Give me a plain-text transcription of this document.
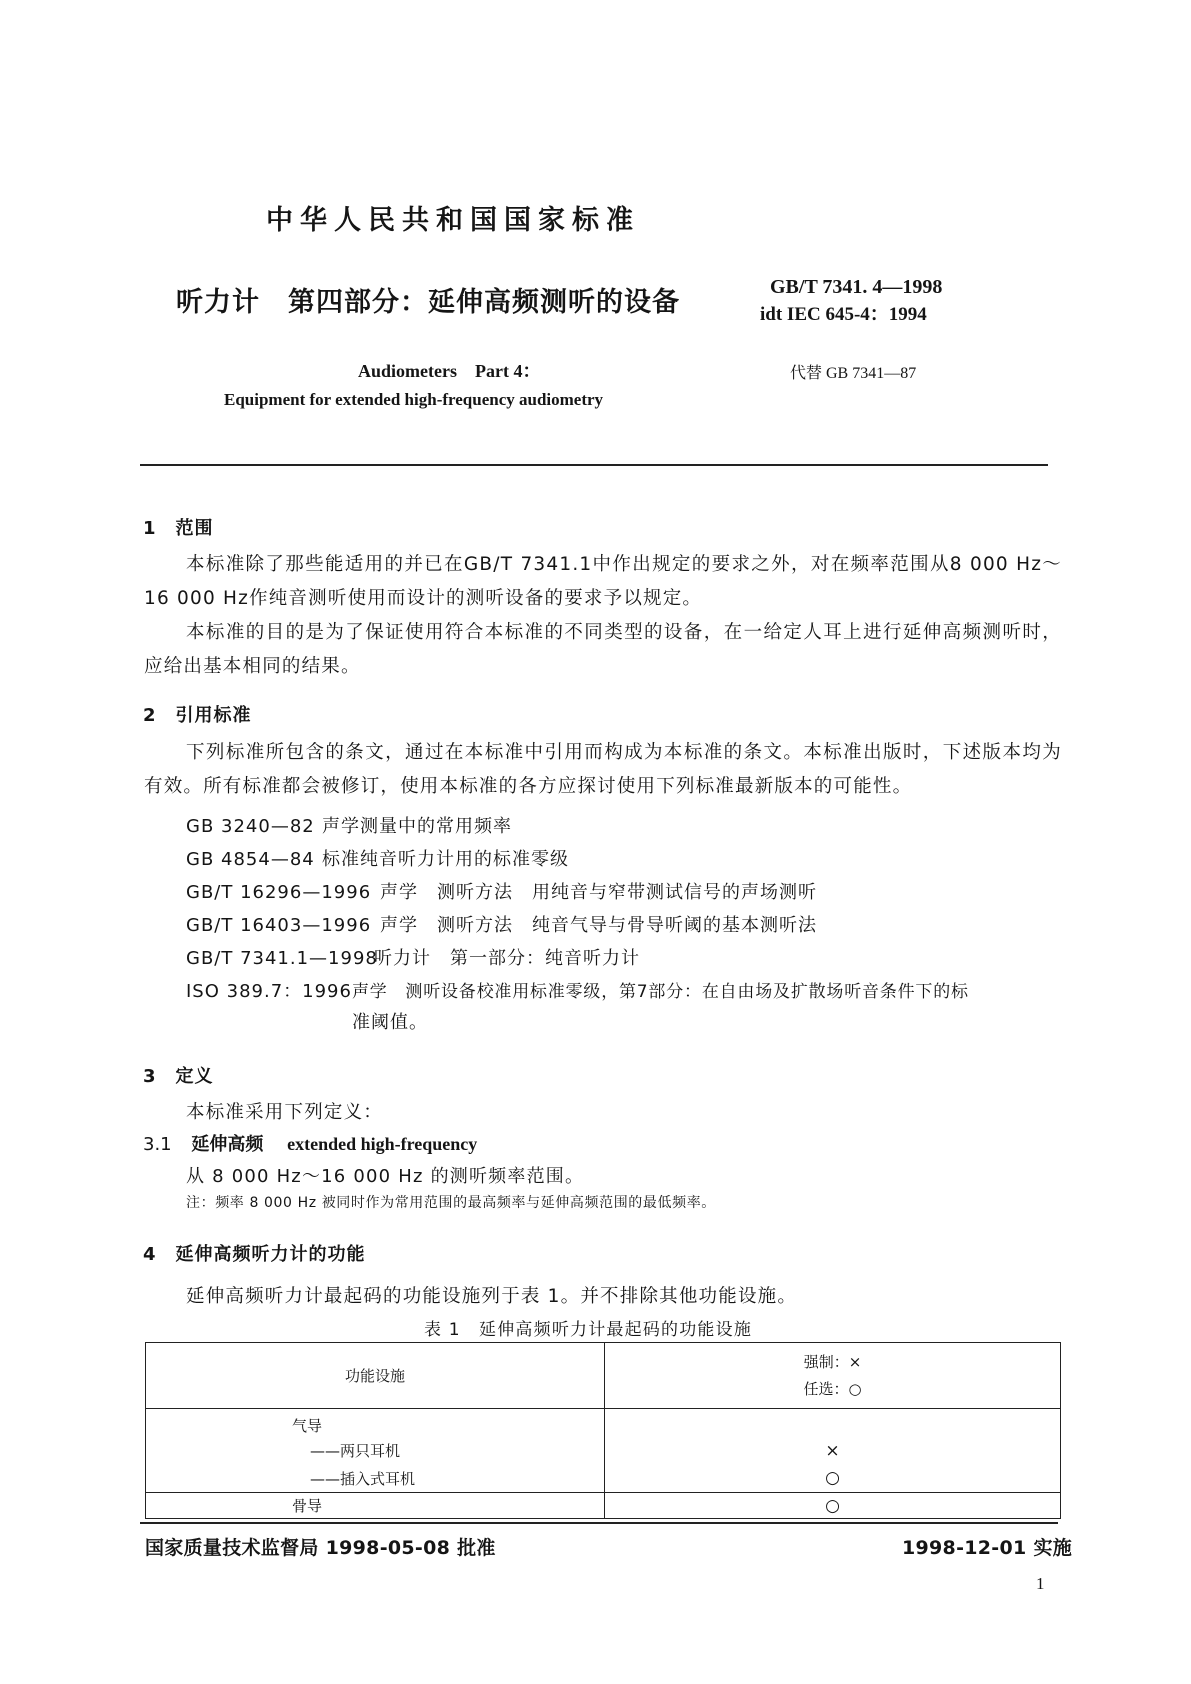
中华人民共和国国家标准
听力计　第四部分：延伸高频测听的设备	GB/T 7341. 4—1998
idt IEC 645-4：1994
Audiometers　Part 4：	代替 GB 7341—87
Equipment for extended high-frequency audiometry
1　范围
本标准除了那些能适用的并已在GB/T 7341.1中作出规定的要求之外，对在频率范围从8 000 Hz～16 000 Hz作纯音测听使用而设计的测听设备的要求予以规定。
本标准的目的是为了保证使用符合本标准的不同类型的设备，在一给定人耳上进行延伸高频测听时，应给出基本相同的结果。
2　引用标准
下列标准所包含的条文，通过在本标准中引用而构成为本标准的条文。本标准出版时，下述版本均为有效。所有标准都会被修订，使用本标准的各方应探讨使用下列标准最新版本的可能性。
GB 3240—82 声学测量中的常用频率
GB 4854—84 标准纯音听力计用的标准零级
GB/T 16296—1996 声学　测听方法　用纯音与窄带测试信号的声场测听
GB/T 16403—1996 声学　测听方法　纯音气导与骨导听阈的基本测听法
GB/T 7341.1—1998听力计　第一部分：纯音听力计
ISO 389.7：1996声学　测听设备校准用标准零级，第7部分：在自由场及扩散场听音条件下的标
准阈值。
3　定义
本标准采用下列定义：
3.1 延伸高频 extended high-frequency
从 8 000 Hz～16 000 Hz 的测听频率范围。
注：频率 8 000 Hz 被同时作为常用范围的最高频率与延伸高频范围的最低频率。
4　延伸高频听力计的功能
延伸高频听力计最起码的功能设施列于表 1。并不排除其他功能设施。
表 1　延伸高频听力计最起码的功能设施
功能设施	强制：×
任选：○

气导	
——两只耳机	×
——插入式耳机	○
骨导	○
国家质量技术监督局 1998-05-08 批准	1998-12-01 实施
1
